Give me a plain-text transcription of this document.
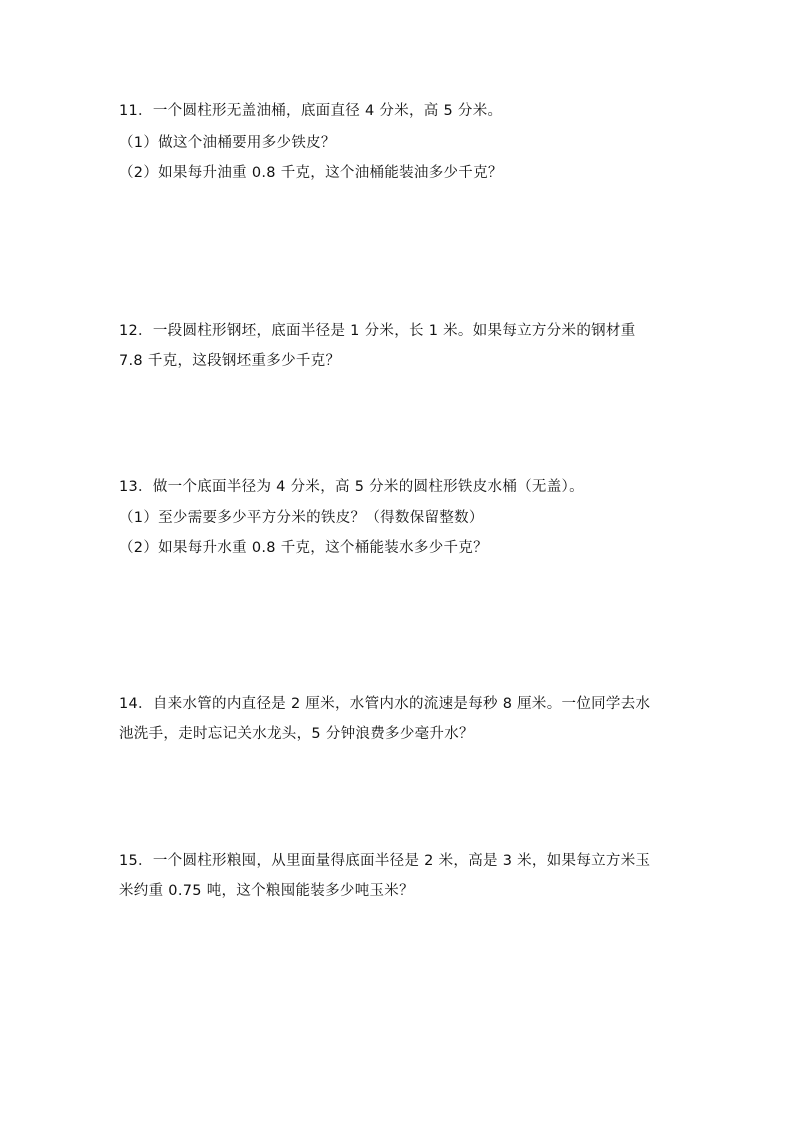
11．一个圆柱形无盖油桶，底面直径 4 分米，高 5 分米。
（1）做这个油桶要用多少铁皮？
（2）如果每升油重 0.8 千克，这个油桶能装油多少千克？
12．一段圆柱形钢坯，底面半径是 1 分米，长 1 米。如果每立方分米的钢材重
7.8 千克，这段钢坯重多少千克？
13．做一个底面半径为 4 分米，高 5 分米的圆柱形铁皮水桶（无盖）。
（1）至少需要多少平方分米的铁皮？（得数保留整数）
（2）如果每升水重 0.8 千克，这个桶能装水多少千克？
14．自来水管的内直径是 2 厘米，水管内水的流速是每秒 8 厘米。一位同学去水
池洗手，走时忘记关水龙头，5 分钟浪费多少毫升水？
15．一个圆柱形粮囤，从里面量得底面半径是 2 米，高是 3 米，如果每立方米玉
米约重 0.75 吨，这个粮囤能装多少吨玉米？
